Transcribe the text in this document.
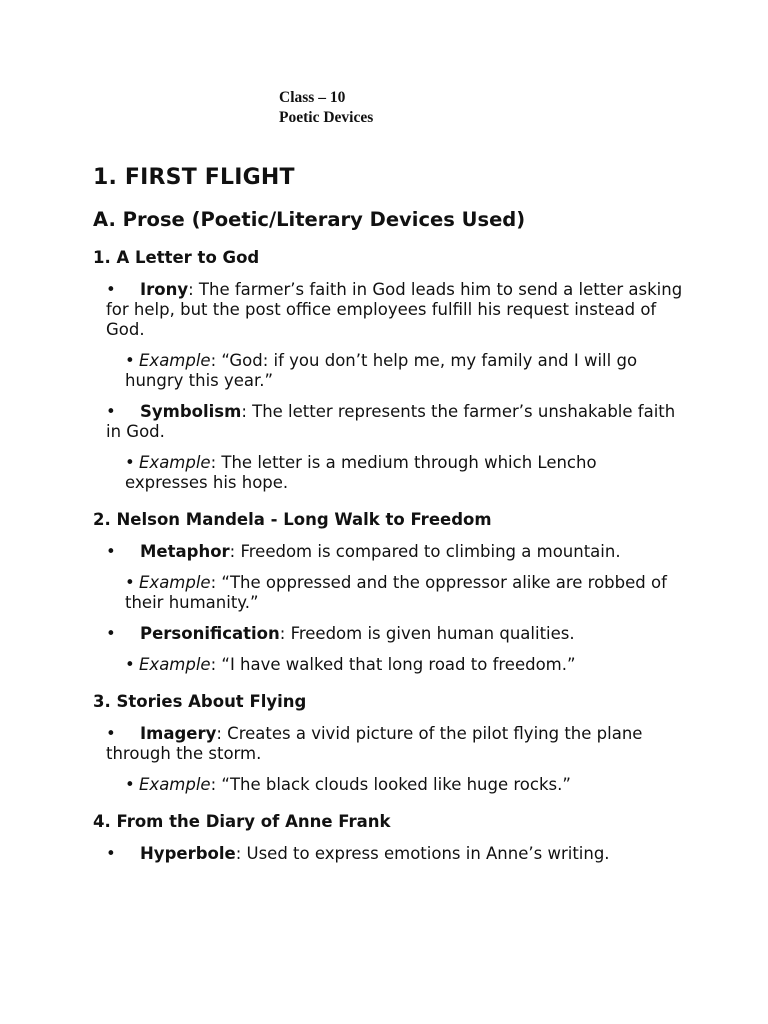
Class – 10
Poetic Devices
1. FIRST FLIGHT
A. Prose (Poetic/Literary Devices Used)
1. A Letter to God
• Irony: The farmer’s faith in God leads him to send a letter asking for help, but the post office employees fulfill his request instead of God.
• Example: “God: if you don’t help me, my family and I will go hungry this year.”
• Symbolism: The letter represents the farmer’s unshakable faith in God.
• Example: The letter is a medium through which Lencho expresses his hope.
2. Nelson Mandela - Long Walk to Freedom
• Metaphor: Freedom is compared to climbing a mountain.
• Example: “The oppressed and the oppressor alike are robbed of their humanity.”
• Personification: Freedom is given human qualities.
• Example: “I have walked that long road to freedom.”
3. Stories About Flying
• Imagery: Creates a vivid picture of the pilot flying the plane through the storm.
• Example: “The black clouds looked like huge rocks.”
4. From the Diary of Anne Frank
• Hyperbole: Used to express emotions in Anne’s writing.
